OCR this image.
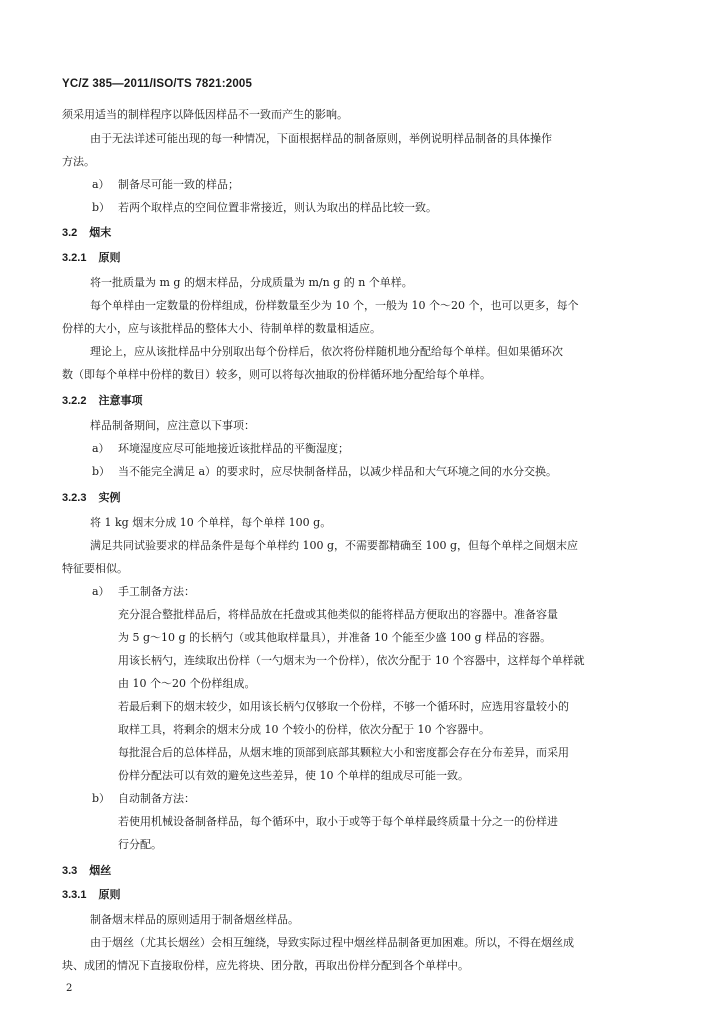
YC/Z 385—2011/ISO/TS 7821:2005
须采用适当的制样程序以降低因样品不一致而产生的影响。
由于无法详述可能出现的每一种情况，下面根据样品的制备原则，举例说明样品制备的具体操作
方法。
a） 制备尽可能一致的样品；
b） 若两个取样点的空间位置非常接近，则认为取出的样品比较一致。
3.2 烟末
3.2.1 原则
将一批质量为 m g 的烟末样品，分成质量为 m/n g 的 n 个单样。
每个单样由一定数量的份样组成，份样数量至少为 10 个，一般为 10 个～20 个，也可以更多，每个
份样的大小，应与该批样品的整体大小、待制单样的数量相适应。
理论上，应从该批样品中分别取出每个份样后，依次将份样随机地分配给每个单样。但如果循环次
数（即每个单样中份样的数目）较多，则可以将每次抽取的份样循环地分配给每个单样。
3.2.2 注意事项
样品制备期间，应注意以下事项：
a） 环境湿度应尽可能地接近该批样品的平衡湿度；
b） 当不能完全满足 a）的要求时，应尽快制备样品，以减少样品和大气环境之间的水分交换。
3.2.3 实例
将 1 kg 烟末分成 10 个单样，每个单样 100 g。
满足共同试验要求的样品条件是每个单样约 100 g，不需要都精确至 100 g，但每个单样之间烟末应
特征要相似。
a） 手工制备方法：
充分混合整批样品后，将样品放在托盘或其他类似的能将样品方便取出的容器中。准备容量
为 5 g～10 g 的长柄勺（或其他取样量具），并准备 10 个能至少盛 100 g 样品的容器。
用该长柄勺，连续取出份样（一勺烟末为一个份样），依次分配于 10 个容器中，这样每个单样就
由 10 个～20 个份样组成。
若最后剩下的烟末较少，如用该长柄勺仅够取一个份样，不够一个循环时，应选用容量较小的
取样工具，将剩余的烟末分成 10 个较小的份样，依次分配于 10 个容器中。
每批混合后的总体样品，从烟末堆的顶部到底部其颗粒大小和密度都会存在分布差异，而采用
份样分配法可以有效的避免这些差异，使 10 个单样的组成尽可能一致。
b） 自动制备方法：
若使用机械设备制备样品，每个循环中，取小于或等于每个单样最终质量十分之一的份样进
行分配。
3.3 烟丝
3.3.1 原则
制备烟末样品的原则适用于制备烟丝样品。
由于烟丝（尤其长烟丝）会相互缠绕，导致实际过程中烟丝样品制备更加困难。所以，不得在烟丝成
块、成团的情况下直接取份样，应先将块、团分散，再取出份样分配到各个单样中。
2
